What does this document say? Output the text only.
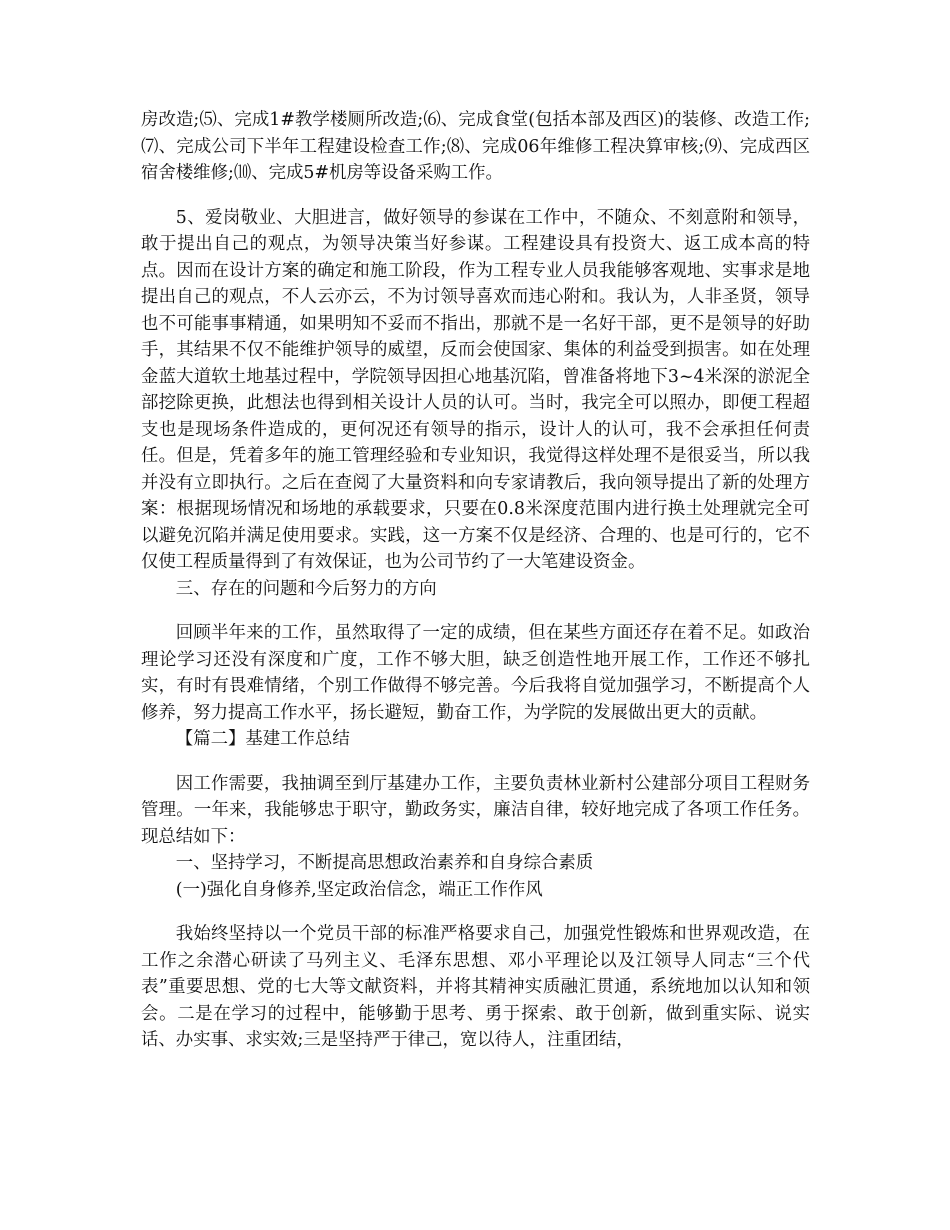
房改造;⑸、完成1#教学楼厕所改造;⑹、完成食堂(包括本部及西区)的装修、改造工作;⑺、完成公司下半年工程建设检查工作;⑻、完成06年维修工程决算审核;⑼、完成西区宿舍楼维修;⑽、完成5#机房等设备采购工作。

5、爱岗敬业、大胆进言，做好领导的参谋在工作中，不随众、不刻意附和领导，敢于提出自己的观点，为领导决策当好参谋。工程建设具有投资大、返工成本高的特点。因而在设计方案的确定和施工阶段，作为工程专业人员我能够客观地、实事求是地提出自己的观点，不人云亦云，不为讨领导喜欢而违心附和。我认为，人非圣贤，领导也不可能事事精通，如果明知不妥而不指出，那就不是一名好干部，更不是领导的好助手，其结果不仅不能维护领导的威望，反而会使国家、集体的利益受到损害。如在处理金蓝大道软土地基过程中，学院领导因担心地基沉陷，曾准备将地下3~4米深的淤泥全部挖除更换，此想法也得到相关设计人员的认可。当时，我完全可以照办，即便工程超支也是现场条件造成的，更何况还有领导的指示，设计人的认可，我不会承担任何责任。但是，凭着多年的施工管理经验和专业知识，我觉得这样处理不是很妥当，所以我并没有立即执行。之后在查阅了大量资料和向专家请教后，我向领导提出了新的处理方案：根据现场情况和场地的承载要求，只要在0.8米深度范围内进行换土处理就完全可以避免沉陷并满足使用要求。实践，这一方案不仅是经济、合理的、也是可行的，它不仅使工程质量得到了有效保证，也为公司节约了一大笔建设资金。

三、存在的问题和今后努力的方向

回顾半年来的工作，虽然取得了一定的成绩，但在某些方面还存在着不足。如政治理论学习还没有深度和广度，工作不够大胆，缺乏创造性地开展工作，工作还不够扎实，有时有畏难情绪，个别工作做得不够完善。今后我将自觉加强学习，不断提高个人修养，努力提高工作水平，扬长避短，勤奋工作，为学院的发展做出更大的贡献。

【篇二】基建工作总结

因工作需要，我抽调至到厅基建办工作，主要负责林业新村公建部分项目工程财务管理。一年来，我能够忠于职守，勤政务实，廉洁自律，较好地完成了各项工作任务。现总结如下：

一、坚持学习，不断提高思想政治素养和自身综合素质

(一)强化自身修养,坚定政治信念，端正工作作风

我始终坚持以一个党员干部的标准严格要求自己，加强党性锻炼和世界观改造，在工作之余潜心研读了马列主义、毛泽东思想、邓小平理论以及江领导人同志“三个代表”重要思想、党的七大等文献资料，并将其精神实质融汇贯通，系统地加以认知和领会。二是在学习的过程中，能够勤于思考、勇于探索、敢于创新，做到重实际、说实话、办实事、求实效;三是坚持严于律己，宽以待人，注重团结，
